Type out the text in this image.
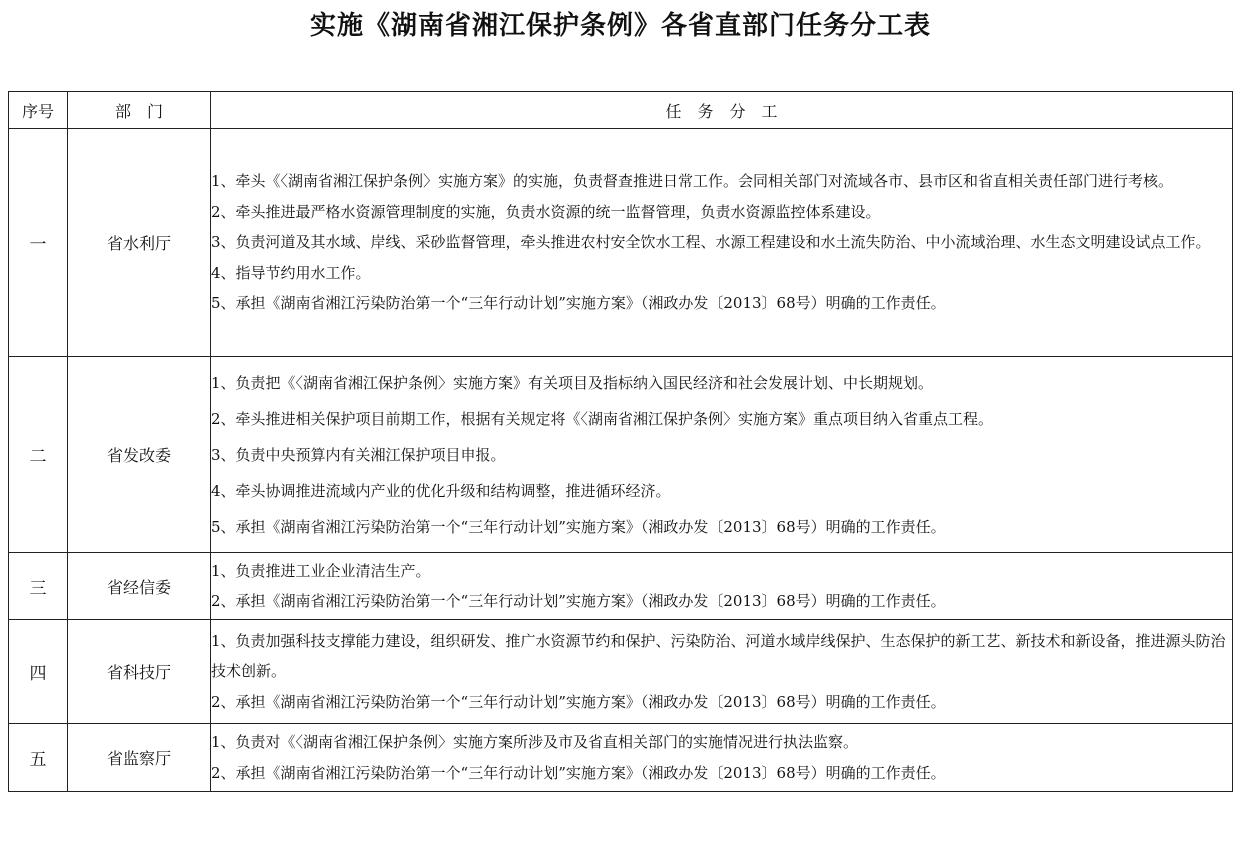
实施《湖南省湘江保护条例》各省直部门任务分工表
序号	部　门	任　务　分　工
一	省水利厅	1、牵头《〈湖南省湘江保护条例〉实施方案》的实施，负责督查推进日常工作。会同相关部门对流域各市、县市区和省直相关责任部门进行考核。
2、牵头推进最严格水资源管理制度的实施，负责水资源的统一监督管理，负责水资源监控体系建设。
3、负责河道及其水域、岸线、采砂监督管理，牵头推进农村安全饮水工程、水源工程建设和水土流失防治、中小流域治理、水生态文明建设试点工作。
4、指导节约用水工作。
5、承担《湖南省湘江污染防治第一个“三年行动计划”实施方案》（湘政办发〔2013〕68号）明确的工作责任。

二	省发改委	1、负责把《〈湖南省湘江保护条例〉实施方案》有关项目及指标纳入国民经济和社会发展计划、中长期规划。
2、牵头推进相关保护项目前期工作，根据有关规定将《〈湖南省湘江保护条例〉实施方案》重点项目纳入省重点工程。
3、负责中央预算内有关湘江保护项目申报。
4、牵头协调推进流域内产业的优化升级和结构调整，推进循环经济。
5、承担《湖南省湘江污染防治第一个“三年行动计划”实施方案》（湘政办发〔2013〕68号）明确的工作责任。

三	省经信委	1、负责推进工业企业清洁生产。
2、承担《湖南省湘江污染防治第一个“三年行动计划”实施方案》（湘政办发〔2013〕68号）明确的工作责任。

四	省科技厅	1、负责加强科技支撑能力建设，组织研发、推广水资源节约和保护、污染防治、河道水域岸线保护、生态保护的新工艺、新技术和新设备，推进源头防治技术创新。
2、承担《湖南省湘江污染防治第一个“三年行动计划”实施方案》（湘政办发〔2013〕68号）明确的工作责任。

五	省监察厅	1、负责对《〈湖南省湘江保护条例〉实施方案所涉及市及省直相关部门的实施情况进行执法监察。
2、承担《湖南省湘江污染防治第一个“三年行动计划”实施方案》（湘政办发〔2013〕68号）明确的工作责任。
